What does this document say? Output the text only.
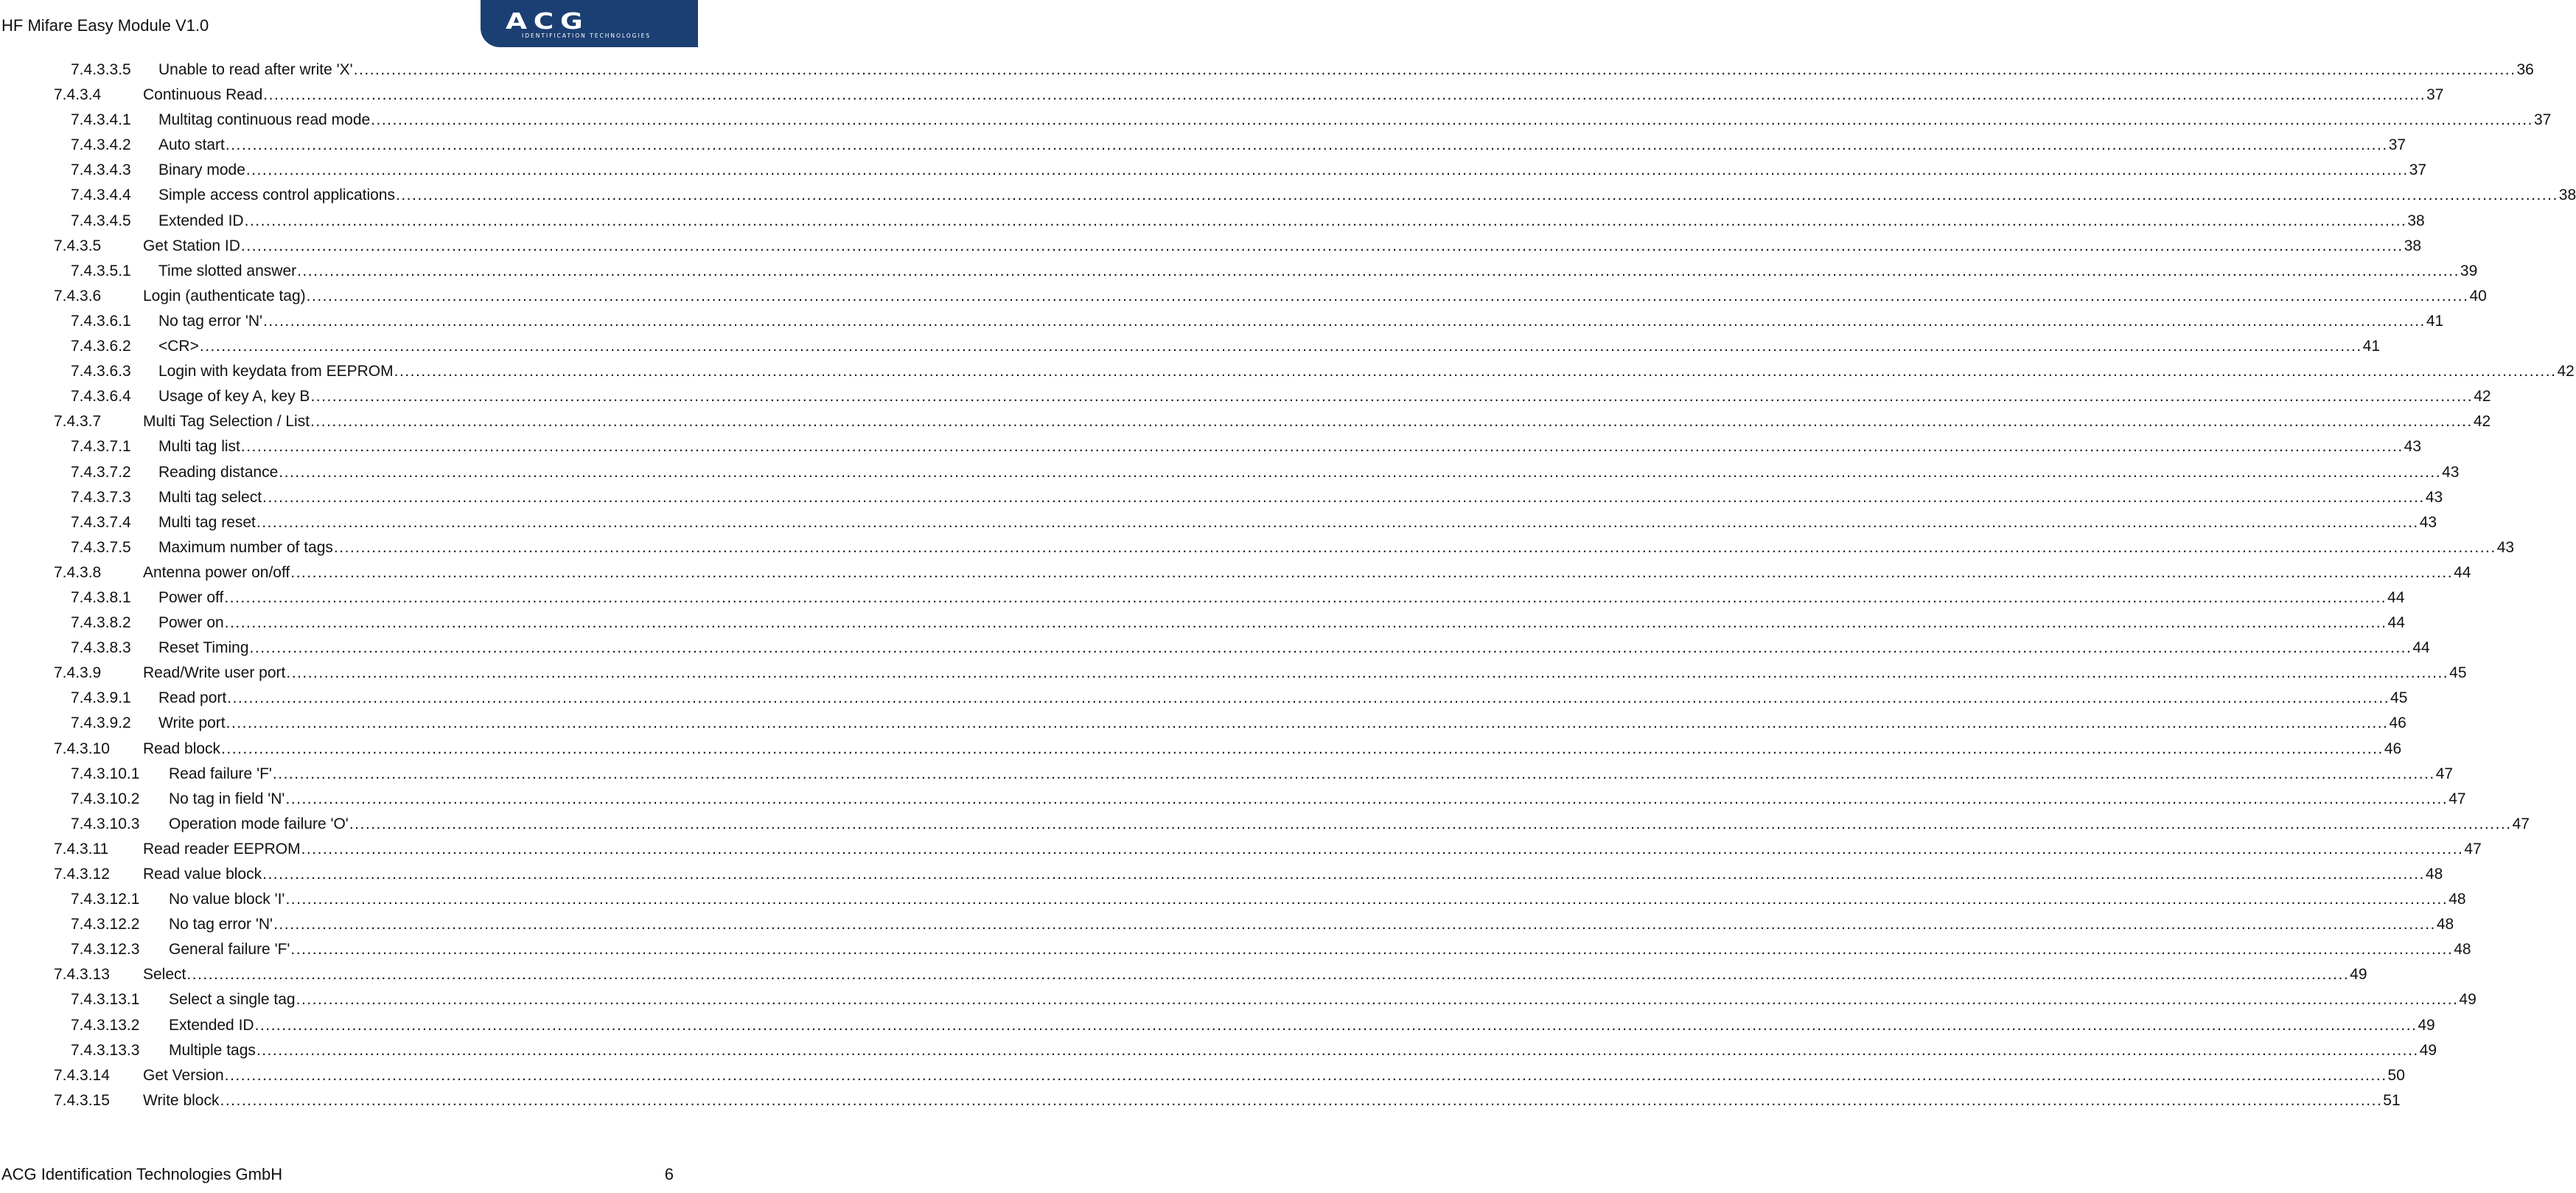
HF Mifare Easy Module V1.0	ACG
IDENTIFICATION TECHNOLOGIES
7.4.3.3.5 Unable to read after write 'X' ................................................................................................................................................................................................................................................................................................................................................................................................................ 36
7.4.3.4	Continuous Read ................................................................................................................................................................................................................................................................................................................................................................................................................ 37
7.4.3.4.1 Multitag continuous read mode ................................................................................................................................................................................................................................................................................................................................................................................................................ 37
7.4.3.4.2 Auto start ................................................................................................................................................................................................................................................................................................................................................................................................................ 37
7.4.3.4.3 Binary mode ................................................................................................................................................................................................................................................................................................................................................................................................................ 37
7.4.3.4.4 Simple access control applications ................................................................................................................................................................................................................................................................................................................................................................................................................ 38
7.4.3.4.5 Extended ID ................................................................................................................................................................................................................................................................................................................................................................................................................ 38
7.4.3.5	Get Station ID ................................................................................................................................................................................................................................................................................................................................................................................................................ 38
7.4.3.5.1 Time slotted answer ................................................................................................................................................................................................................................................................................................................................................................................................................ 39
7.4.3.6	Login (authenticate tag) ................................................................................................................................................................................................................................................................................................................................................................................................................ 40
7.4.3.6.1 No tag error 'N' ................................................................................................................................................................................................................................................................................................................................................................................................................ 41
7.4.3.6.2 <CR> ................................................................................................................................................................................................................................................................................................................................................................................................................ 41
7.4.3.6.3 Login with keydata from EEPROM ................................................................................................................................................................................................................................................................................................................................................................................................................ 42
7.4.3.6.4 Usage of key A, key B ................................................................................................................................................................................................................................................................................................................................................................................................................ 42
7.4.3.7	Multi Tag Selection / List ................................................................................................................................................................................................................................................................................................................................................................................................................ 42
7.4.3.7.1 Multi tag list ................................................................................................................................................................................................................................................................................................................................................................................................................ 43
7.4.3.7.2 Reading distance ................................................................................................................................................................................................................................................................................................................................................................................................................ 43
7.4.3.7.3 Multi tag select ................................................................................................................................................................................................................................................................................................................................................................................................................ 43
7.4.3.7.4 Multi tag reset ................................................................................................................................................................................................................................................................................................................................................................................................................ 43
7.4.3.7.5 Maximum number of tags ................................................................................................................................................................................................................................................................................................................................................................................................................ 43
7.4.3.8	Antenna power on/off ................................................................................................................................................................................................................................................................................................................................................................................................................ 44
7.4.3.8.1 Power off ................................................................................................................................................................................................................................................................................................................................................................................................................ 44
7.4.3.8.2 Power on ................................................................................................................................................................................................................................................................................................................................................................................................................ 44
7.4.3.8.3 Reset Timing ................................................................................................................................................................................................................................................................................................................................................................................................................ 44
7.4.3.9	Read/Write user port ................................................................................................................................................................................................................................................................................................................................................................................................................ 45
7.4.3.9.1 Read port ................................................................................................................................................................................................................................................................................................................................................................................................................ 45
7.4.3.9.2 Write port ................................................................................................................................................................................................................................................................................................................................................................................................................ 46
7.4.3.10 Read block ................................................................................................................................................................................................................................................................................................................................................................................................................ 46
7.4.3.10.1 Read failure 'F' ................................................................................................................................................................................................................................................................................................................................................................................................................ 47
7.4.3.10.2 No tag in field 'N' ................................................................................................................................................................................................................................................................................................................................................................................................................ 47
7.4.3.10.3 Operation mode failure 'O' ................................................................................................................................................................................................................................................................................................................................................................................................................ 47
7.4.3.11 Read reader EEPROM ................................................................................................................................................................................................................................................................................................................................................................................................................ 47
7.4.3.12 Read value block ................................................................................................................................................................................................................................................................................................................................................................................................................ 48
7.4.3.12.1 No value block 'I' ................................................................................................................................................................................................................................................................................................................................................................................................................ 48
7.4.3.12.2 No tag error 'N' ................................................................................................................................................................................................................................................................................................................................................................................................................ 48
7.4.3.12.3 General failure 'F' ................................................................................................................................................................................................................................................................................................................................................................................................................ 48
7.4.3.13 Select ................................................................................................................................................................................................................................................................................................................................................................................................................ 49
7.4.3.13.1 Select a single tag ................................................................................................................................................................................................................................................................................................................................................................................................................ 49
7.4.3.13.2 Extended ID ................................................................................................................................................................................................................................................................................................................................................................................................................ 49
7.4.3.13.3 Multiple tags ................................................................................................................................................................................................................................................................................................................................................................................................................ 49
7.4.3.14 Get Version ................................................................................................................................................................................................................................................................................................................................................................................................................ 50
7.4.3.15 Write block ................................................................................................................................................................................................................................................................................................................................................................................................................ 51
ACG Identification Technologies GmbH	6
